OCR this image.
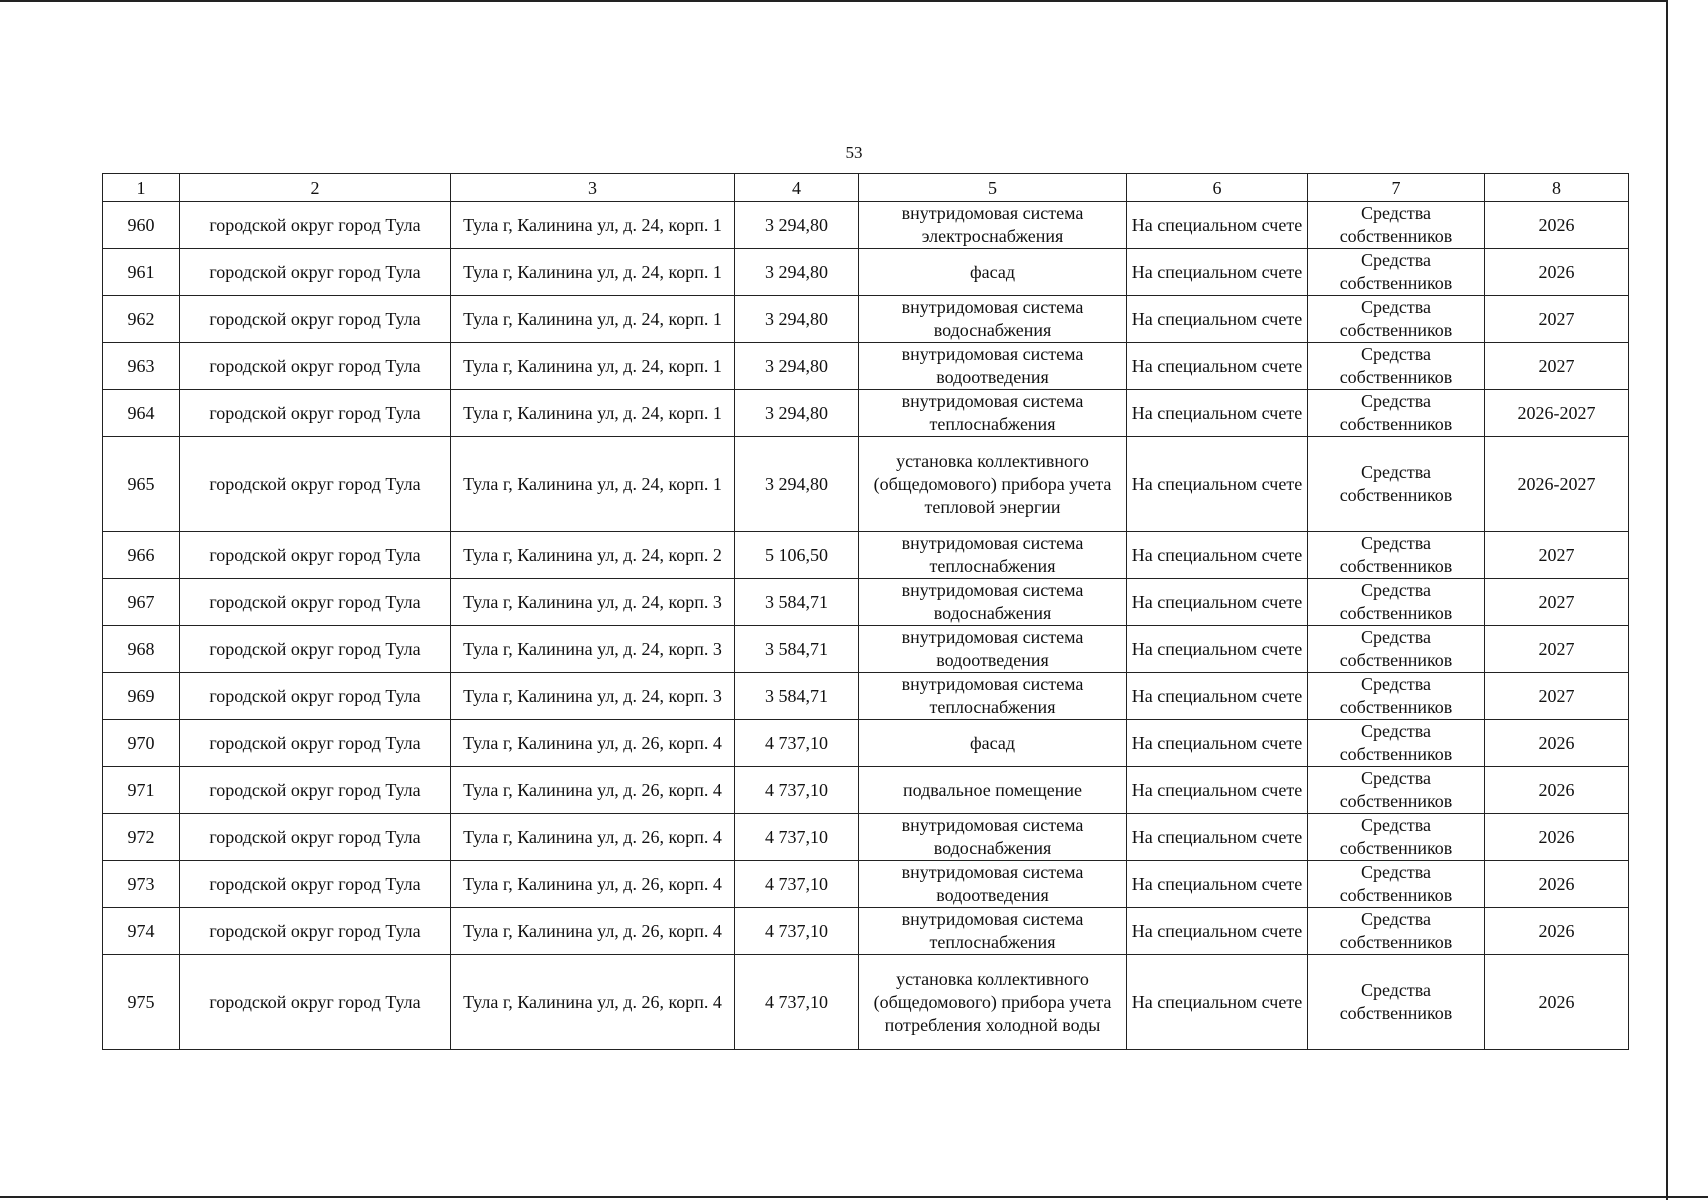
53
1	2	3	4	5	6	7	8
960	городской округ город Тула	Тула г, Калинина ул, д. 24, корп. 1	3 294,80	внутридомовая система электроснабжения	На специальном счете	Средства собственников	2026
961	городской округ город Тула	Тула г, Калинина ул, д. 24, корп. 1	3 294,80	фасад	На специальном счете	Средства собственников	2026
962	городской округ город Тула	Тула г, Калинина ул, д. 24, корп. 1	3 294,80	внутридомовая система водоснабжения	На специальном счете	Средства собственников	2027
963	городской округ город Тула	Тула г, Калинина ул, д. 24, корп. 1	3 294,80	внутридомовая система водоотведения	На специальном счете	Средства собственников	2027
964	городской округ город Тула	Тула г, Калинина ул, д. 24, корп. 1	3 294,80	внутридомовая система теплоснабжения	На специальном счете	Средства собственников	2026-2027
965	городской округ город Тула	Тула г, Калинина ул, д. 24, корп. 1	3 294,80	установка коллективного (общедомового) прибора учета тепловой энергии	На специальном счете	Средства собственников	2026-2027
966	городской округ город Тула	Тула г, Калинина ул, д. 24, корп. 2	5 106,50	внутридомовая система теплоснабжения	На специальном счете	Средства собственников	2027
967	городской округ город Тула	Тула г, Калинина ул, д. 24, корп. 3	3 584,71	внутридомовая система водоснабжения	На специальном счете	Средства собственников	2027
968	городской округ город Тула	Тула г, Калинина ул, д. 24, корп. 3	3 584,71	внутридомовая система водоотведения	На специальном счете	Средства собственников	2027
969	городской округ город Тула	Тула г, Калинина ул, д. 24, корп. 3	3 584,71	внутридомовая система теплоснабжения	На специальном счете	Средства собственников	2027
970	городской округ город Тула	Тула г, Калинина ул, д. 26, корп. 4	4 737,10	фасад	На специальном счете	Средства собственников	2026
971	городской округ город Тула	Тула г, Калинина ул, д. 26, корп. 4	4 737,10	подвальное помещение	На специальном счете	Средства собственников	2026
972	городской округ город Тула	Тула г, Калинина ул, д. 26, корп. 4	4 737,10	внутридомовая система водоснабжения	На специальном счете	Средства собственников	2026
973	городской округ город Тула	Тула г, Калинина ул, д. 26, корп. 4	4 737,10	внутридомовая система водоотведения	На специальном счете	Средства собственников	2026
974	городской округ город Тула	Тула г, Калинина ул, д. 26, корп. 4	4 737,10	внутридомовая система теплоснабжения	На специальном счете	Средства собственников	2026
975	городской округ город Тула	Тула г, Калинина ул, д. 26, корп. 4	4 737,10	установка коллективного (общедомового) прибора учета потребления холодной воды	На специальном счете	Средства собственников	2026
